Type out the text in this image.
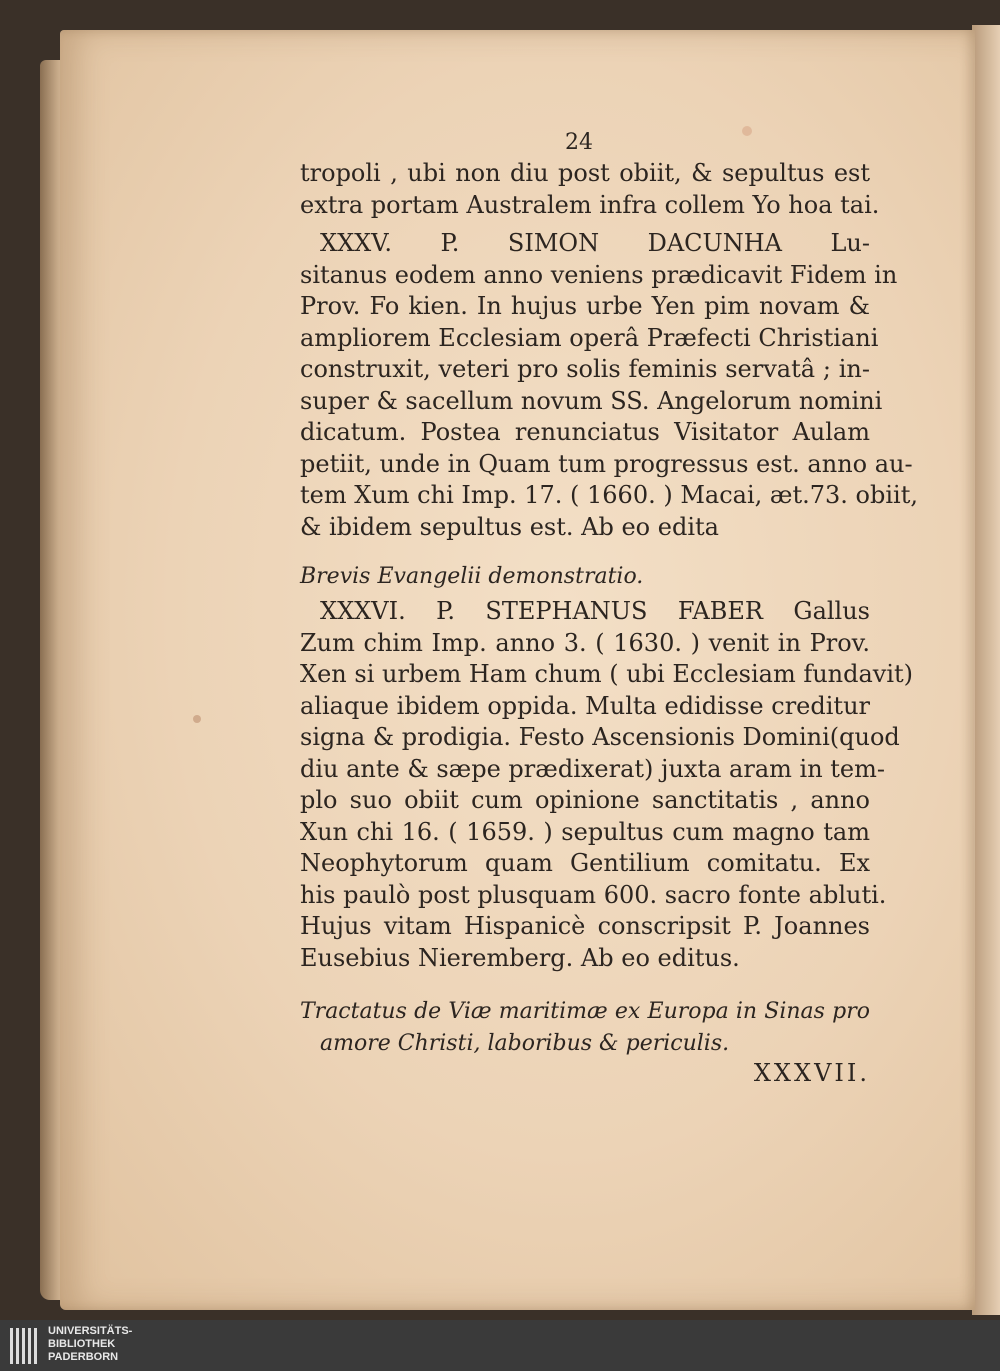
24
tropoli , ubi non diu post obiit, & sepultus est
extra portam Australem infra collem Yo hoa tai.
XXXV. P. SIMON DACUNHA Lu-
sitanus eodem anno veniens prædicavit Fidem in
Prov. Fo kien. In hujus urbe Yen pim novam &
ampliorem Ecclesiam operâ Præfecti Christiani
construxit, veteri pro solis feminis servatâ ; in-
super & sacellum novum SS. Angelorum nomini
dicatum. Postea renunciatus Visitator Aulam
petiit, unde in Quam tum progressus est. anno au-
tem Xum chi Imp. 17. ( 1660. ) Macai, æt.73. obiit,
& ibidem sepultus est. Ab eo edita
Brevis Evangelii demonstratio.
XXXVI. P. STEPHANUS FABER Gallus
Zum chim Imp. anno 3. ( 1630. ) venit in Prov.
Xen si urbem Ham chum ( ubi Ecclesiam fundavit)
aliaque ibidem oppida. Multa edidisse creditur
signa & prodigia. Festo Ascensionis Domini(quod
diu ante & sæpe prædixerat) juxta aram in tem-
plo suo obiit cum opinione sanctitatis , anno
Xun chi 16. ( 1659. ) sepultus cum magno tam
Neophytorum quam Gentilium comitatu. Ex
his paulò post plusquam 600. sacro fonte abluti.
Hujus vitam Hispanicè conscripsit P. Joannes
Eusebius Nieremberg. Ab eo editus.
Tractatus de Viæ maritimæ ex Europa in Sinas pro
amore Christi, laboribus & periculis.
XXXVII.
UNIVERSITÄTS-
BIBLIOTHEK
PADERBORN
